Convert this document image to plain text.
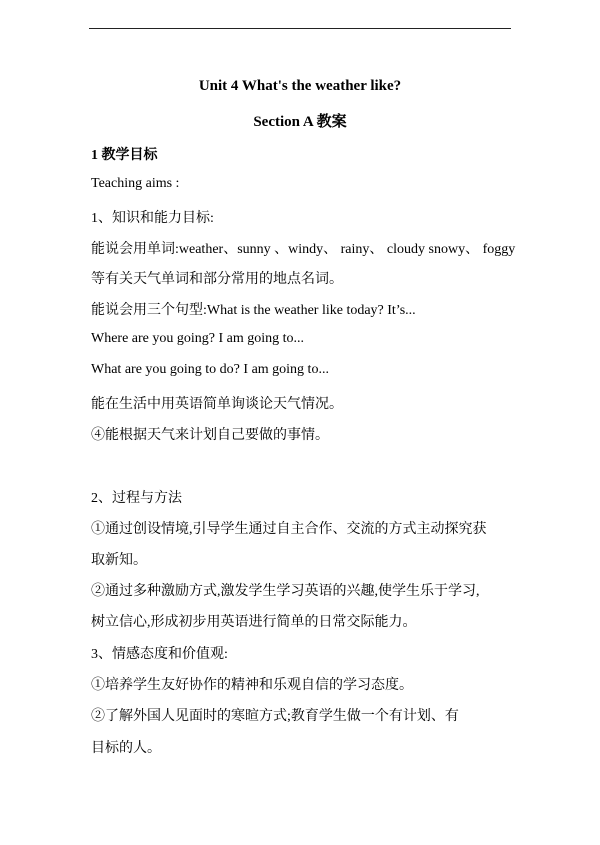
Unit 4 What's the weather like?
Section A 教案
1 教学目标
Teaching aims :
1、知识和能力目标:
能说会用单词:weather、sunny 、windy、 rainy、 cloudy snowy、 foggy
等有关天气单词和部分常用的地点名词。
能说会用三个句型:What is the weather like today? It’s...
Where are you going? I am going to...
What are you going to do? I am going to...
能在生活中用英语简单询谈论天气情况。
④能根据天气来计划自己要做的事情。
2、过程与方法
①通过创设情境,引导学生通过自主合作、交流的方式主动探究获
取新知。
②通过多种激励方式,激发学生学习英语的兴趣,使学生乐于学习,
树立信心,形成初步用英语进行简单的日常交际能力。
3、情感态度和价值观:
①培养学生友好协作的精神和乐观自信的学习态度。
②了解外国人见面时的寒暄方式;教育学生做一个有计划、有
目标的人。
